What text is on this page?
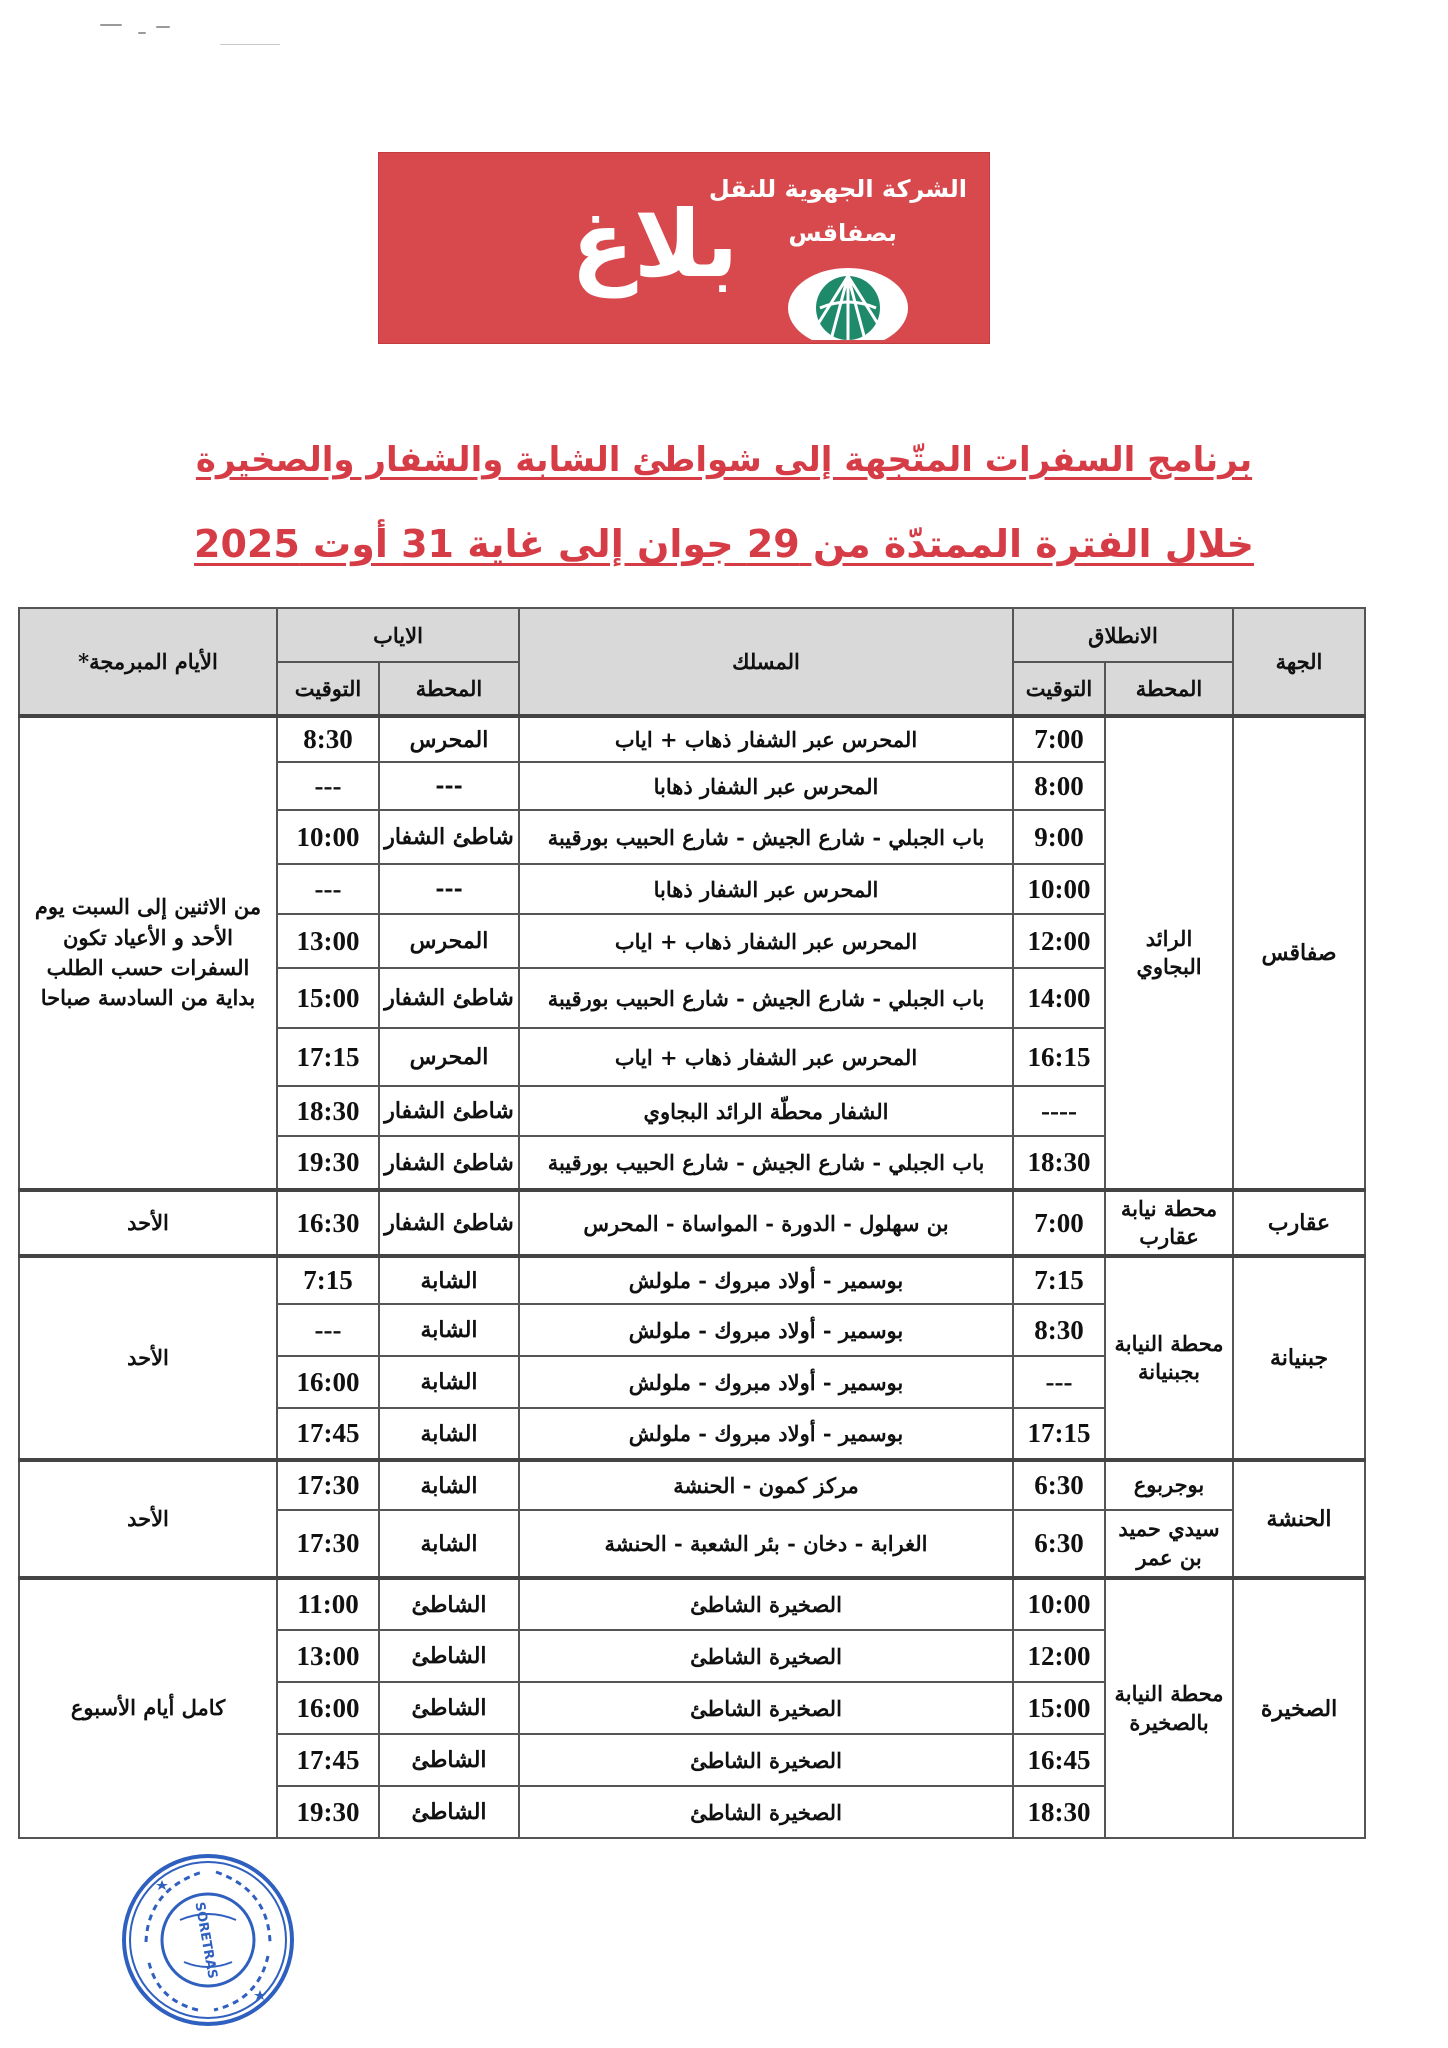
الشركة الجهوية للنقل
بصفاقس
بلاغ
برنامج السفرات المتّجهة إلى شواطئ الشابة والشفار والصخيرة
خلال الفترة الممتدّة من 29 جوان إلى غاية 31 أوت 2025
الجهة	الانطلاق		المسلك	الاياب		الأيام المبرمجة*
	المحطة	التوقيت		المحطة	التوقيت	
صفاقس	الرائد البجاوي	7:00	المحرس عبر الشفار ذهاب + اياب	المحرس	8:30	من الاثنين إلى السبت يوم الأحد و الأعياد تكون السفرات حسب الطلب بداية من السادسة صباحا
		8:00	المحرس عبر الشفار ذهابا	---	---	
		9:00	باب الجبلي - شارع الجيش - شارع الحبيب بورقيبة	شاطئ الشفار	10:00	
		10:00	المحرس عبر الشفار ذهابا	---	---	
		12:00	المحرس عبر الشفار ذهاب + اياب	المحرس	13:00	
		14:00	باب الجبلي - شارع الجيش - شارع الحبيب بورقيبة	شاطئ الشفار	15:00	
		16:15	المحرس عبر الشفار ذهاب + اياب	المحرس	17:15	
		----	الشفار محطّة الرائد البجاوي	شاطئ الشفار	18:30	
		18:30	باب الجبلي - شارع الجيش - شارع الحبيب بورقيبة	شاطئ الشفار	19:30	
عقارب	محطة نيابة عقارب	7:00	بن سهلول - الدورة - المواساة - المحرس	شاطئ الشفار	16:30	الأحد
جبنيانة	محطة النيابة بجبنيانة	7:15	بوسمير - أولاد مبروك - ملولش	الشابة	7:15	الأحد
		8:30	بوسمير - أولاد مبروك - ملولش	الشابة	---	
		---	بوسمير - أولاد مبروك - ملولش	الشابة	16:00	
		17:15	بوسمير - أولاد مبروك - ملولش	الشابة	17:45	
الحنشة	بوجربوع	6:30	مركز كمون - الحنشة	الشابة	17:30	الأحد
	سيدي حميد بن عمر	6:30	الغرابة - دخان - بئر الشعبة - الحنشة	الشابة	17:30	
الصخيرة	محطة النيابة بالصخيرة	10:00	الصخيرة الشاطئ	الشاطئ	11:00	كامل أيام الأسبوع
		12:00	الصخيرة الشاطئ	الشاطئ	13:00	
		15:00	الصخيرة الشاطئ	الشاطئ	16:00	
		16:45	الصخيرة الشاطئ	الشاطئ	17:45	
		18:30	الصخيرة الشاطئ	الشاطئ	19:30	
SORETRAS
